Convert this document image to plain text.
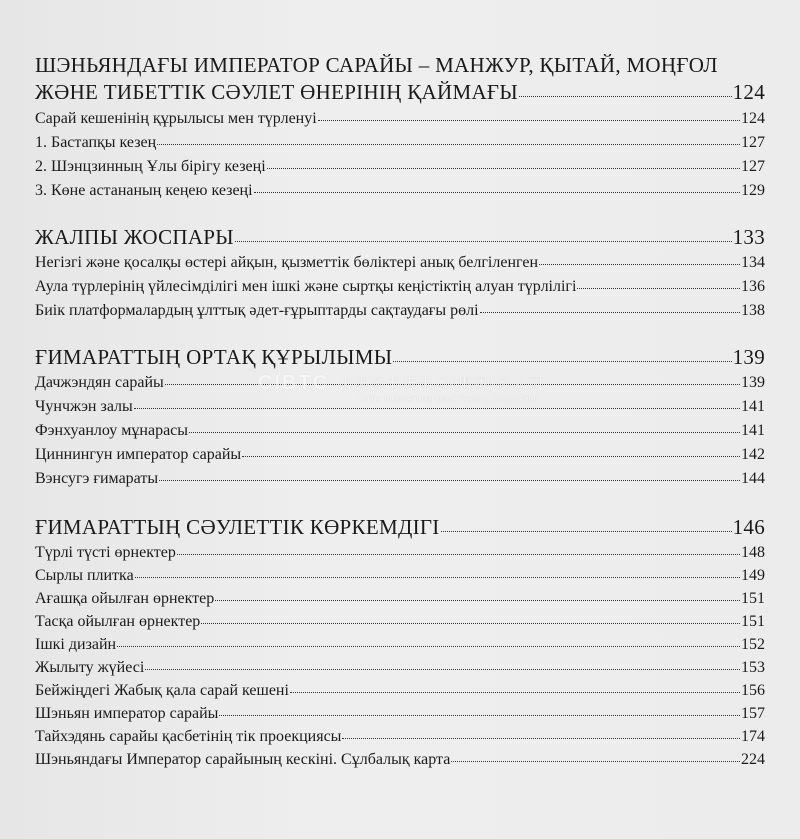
ШЭНЬЯНДАҒЫ ИМПЕРАТОР САРАЙЫ – МАНЖУР, ҚЫТАЙ, МОҢҒОЛ
ЖӘНЕ ТИБЕТТІК СӘУЛЕТ ӨНЕРІНІҢ ҚАЙМАҒЫ	124
Сарай кешенінің құрылысы мен түрленуі	124
1. Бастапқы кезең	127
2. Шэнцзинның Ұлы бірігу кезеңі	127
3. Көне астананың кеңею кезеңі	129
ЖАЛПЫ ЖОСПАРЫ	133
Негізгі және қосалқы өстері айқын, қызметтік бөліктері анық белгіленген	134
Аула түрлерінің үйлесімділігі мен ішкі және сыртқы кеңістіктің алуан түрлілігі	136
Биік платформалардың ұлттық әдет-ғұрыптарды сақтаудағы рөлі	138
ҒИМАРАТТЫҢ ОРТАҚ ҚҰРЫЛЫМЫ	139
Дачжэндян сарайы	139
Чунчжэн залы	141
Фэнхуанлоу мұнарасы	141
Циннингун император сарайы	142
Вэнсугэ ғимараты	144
ҒИМАРАТТЫҢ СӘУЛЕТТІК КӨРКЕМДІГІ	146
Түрлі түсті өрнектер	148
Сырлы плитка	149
Ағашқа ойылған өрнектер	151
Тасқа ойылған өрнектер	151
Ішкі дизайн	152
Жылыту жүйесі	153
Бейжіңдегі Жабық қала сарай кешені	156
Шэньян император сарайы	157
Тайхэдянь сарайы қасбетінің тік проекциясы	174
Шэньяндағы Император сарайының кескіні. Сұлбалық карта	224
CIBTC 中国图书进出口(集团)总公司
China International Book Trading Corporation
